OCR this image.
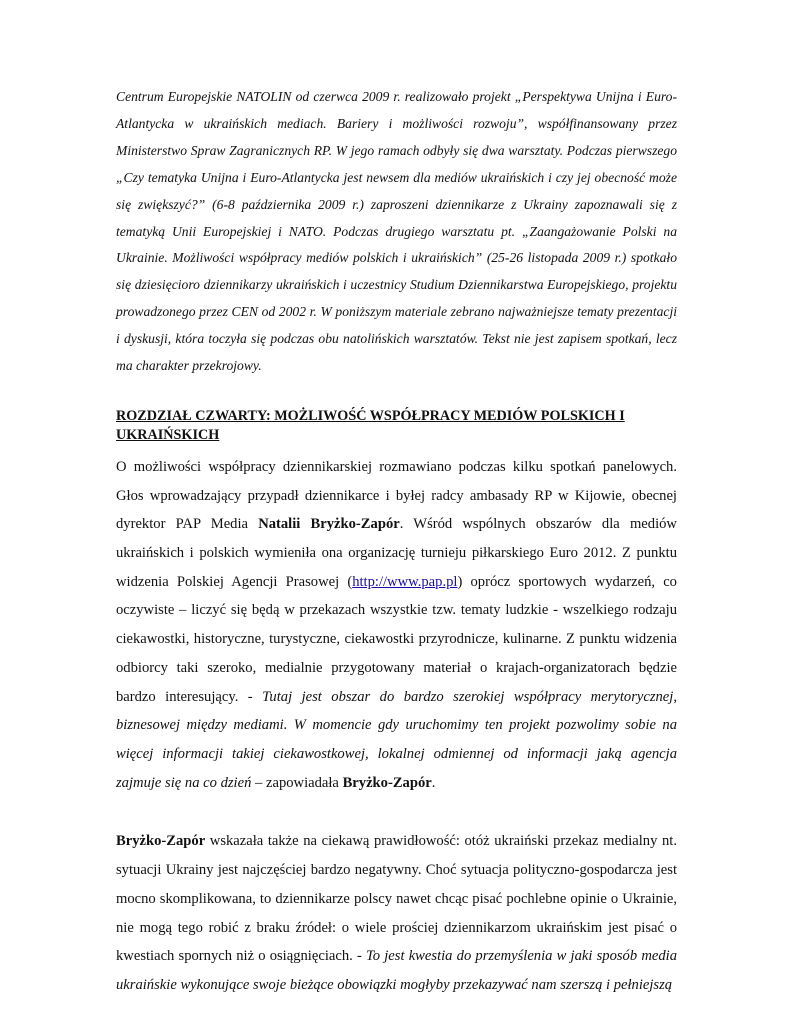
Centrum Europejskie NATOLIN od czerwca 2009 r. realizowało projekt „Perspektywa Unijna i Euro-Atlantycka w ukraińskich mediach. Bariery i możliwości rozwoju”, współfinansowany przez Ministerstwo Spraw Zagranicznych RP. W jego ramach odbyły się dwa warsztaty. Podczas pierwszego „Czy tematyka Unijna i Euro-Atlantycka jest newsem dla mediów ukraińskich i czy jej obecność może się zwiększyć?” (6-8 października 2009 r.) zaproszeni dziennikarze z Ukrainy zapoznawali się z tematyką Unii Europejskiej i NATO. Podczas drugiego warsztatu pt. „Zaangażowanie Polski na Ukrainie. Możliwości współpracy mediów polskich i ukraińskich” (25-26 listopada 2009 r.) spotkało się dziesięcioro dziennikarzy ukraińskich i uczestnicy Studium Dziennikarstwa Europejskiego, projektu prowadzonego przez CEN od 2002 r. W poniższym materiale zebrano najważniejsze tematy prezentacji i dyskusji, która toczyła się podczas obu natolińskich warsztatów. Tekst nie jest zapisem spotkań, lecz ma charakter przekrojowy.

ROZDZIAŁ CZWARTY: MOŻLIWOŚĆ WSPÓŁPRACY MEDIÓW POLSKICH I UKRAIŃSKICH

O możliwości współpracy dziennikarskiej rozmawiano podczas kilku spotkań panelowych. Głos wprowadzający przypadł dziennikarce i byłej radcy ambasady RP w Kijowie, obecnej dyrektor PAP Media Natalii Bryżko-Zapór. Wśród wspólnych obszarów dla mediów ukraińskich i polskich wymieniła ona organizację turnieju piłkarskiego Euro 2012. Z punktu widzenia Polskiej Agencji Prasowej (http://www.pap.pl) oprócz sportowych wydarzeń, co oczywiste – liczyć się będą w przekazach wszystkie tzw. tematy ludzkie - wszelkiego rodzaju ciekawostki, historyczne, turystyczne, ciekawostki przyrodnicze, kulinarne. Z punktu widzenia odbiorcy taki szeroko, medialnie przygotowany materiał o krajach-organizatorach będzie bardzo interesujący. - Tutaj jest obszar do bardzo szerokiej współpracy merytorycznej, biznesowej między mediami. W momencie gdy uruchomimy ten projekt pozwolimy sobie na więcej informacji takiej ciekawostkowej, lokalnej odmiennej od informacji jaką agencja zajmuje się na co dzień – zapowiadała Bryżko-Zapór.

Bryżko-Zapór wskazała także na ciekawą prawidłowość: otóż ukraiński przekaz medialny nt. sytuacji Ukrainy jest najczęściej bardzo negatywny. Choć sytuacja polityczno-gospodarcza jest mocno skomplikowana, to dziennikarze polscy nawet chcąc pisać pochlebne opinie o Ukrainie, nie mogą tego robić z braku źródeł: o wiele prościej dziennikarzom ukraińskim jest pisać o kwestiach spornych niż o osiągnięciach. - To jest kwestia do przemyślenia w jaki sposób media ukraińskie wykonujące swoje bieżące obowiązki mogłyby przekazywać nam szerszą i pełniejszą
